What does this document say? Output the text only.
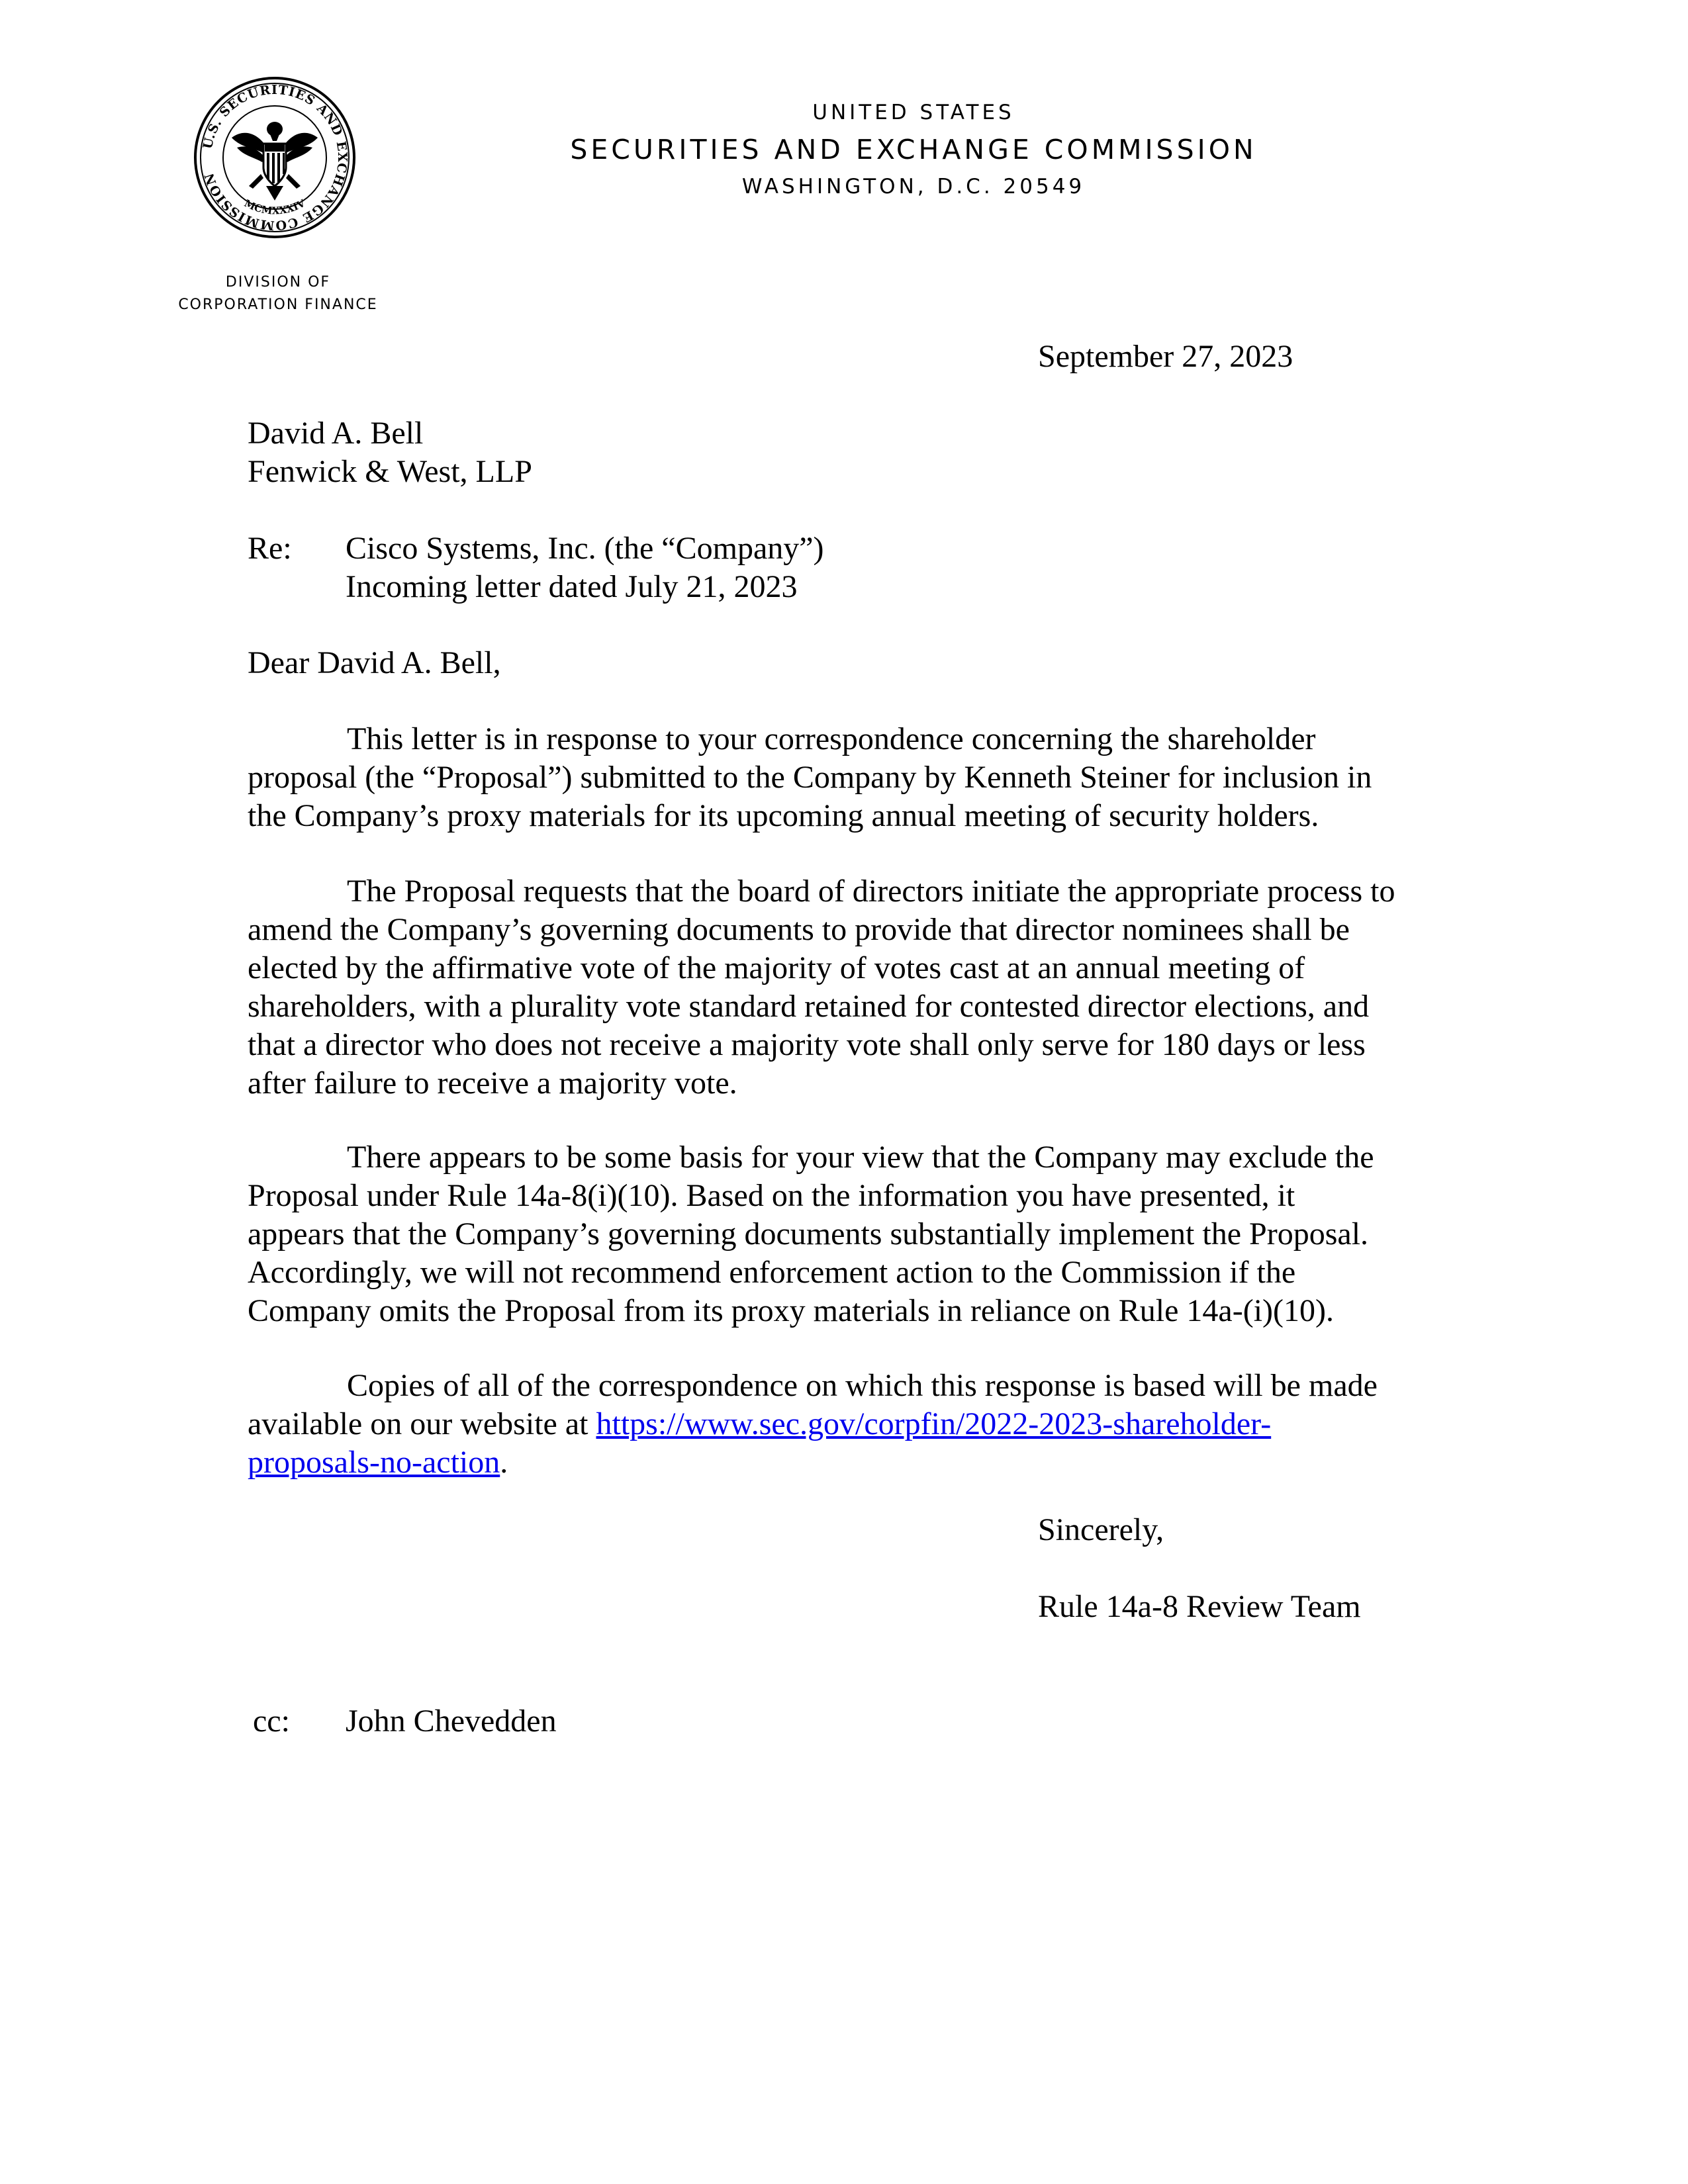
U.S. SECURITIES AND EXCHANGE COMMISSION
MCMXXXIV
UNITED STATES
SECURITIES AND EXCHANGE COMMISSION
WASHINGTON, D.C. 20549
DIVISION OF
CORPORATION FINANCE
September 27, 2023
David A. Bell
Fenwick & West, LLP
Re: Cisco Systems, Inc. (the “Company”)
Incoming letter dated July 21, 2023
Dear David A. Bell,
This letter is in response to your correspondence concerning the shareholder
proposal (the “Proposal”) submitted to the Company by Kenneth Steiner for inclusion in
the Company’s proxy materials for its upcoming annual meeting of security holders.
The Proposal requests that the board of directors initiate the appropriate process to
amend the Company’s governing documents to provide that director nominees shall be
elected by the affirmative vote of the majority of votes cast at an annual meeting of
shareholders, with a plurality vote standard retained for contested director elections, and
that a director who does not receive a majority vote shall only serve for 180 days or less
after failure to receive a majority vote.
There appears to be some basis for your view that the Company may exclude the
Proposal under Rule 14a-8(i)(10). Based on the information you have presented, it
appears that the Company’s governing documents substantially implement the Proposal.
Accordingly, we will not recommend enforcement action to the Commission if the
Company omits the Proposal from its proxy materials in reliance on Rule 14a-(i)(10).
Copies of all of the correspondence on which this response is based will be made
available on our website at https://www.sec.gov/corpfin/2022-2023-shareholder-
proposals-no-action.
Sincerely,
Rule 14a-8 Review Team
cc: John Chevedden
